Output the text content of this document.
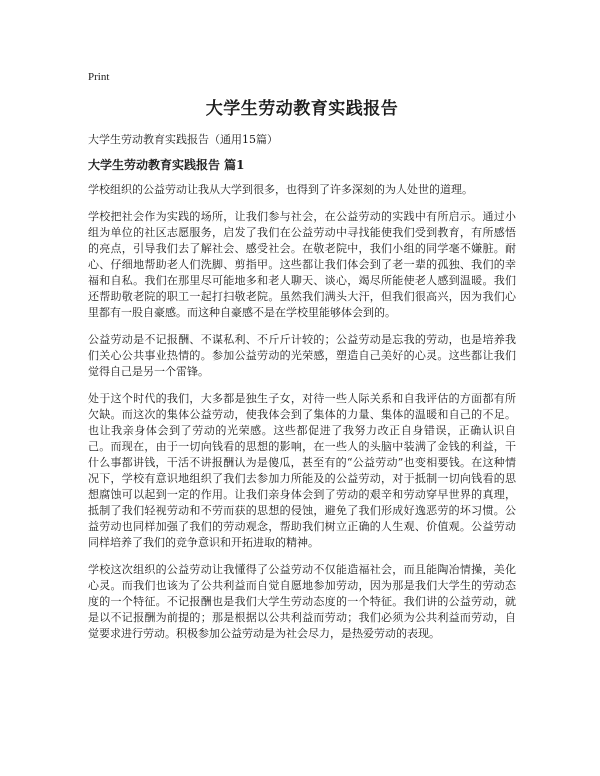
Print
大学生劳动教育实践报告

大学生劳动教育实践报告（通用15篇）

大学生劳动教育实践报告 篇1

学校组织的公益劳动让我从大学到很多，也得到了许多深刻的为人处世的道理。

学校把社会作为实践的场所，让我们参与社会，在公益劳动的实践中有所启示。通过小组为单位的社区志愿服务，启发了我们在公益劳动中寻找能使我们受到教育，有所感悟的亮点，引导我们去了解社会、感受社会。在敬老院中，我们小组的同学毫不嫌脏。耐心、仔细地帮助老人们洗脚、剪指甲。这些都让我们体会到了老一辈的孤独、我们的幸福和自私。我们在那里尽可能地多和老人聊天、谈心，竭尽所能使老人感到温暖。我们还帮助敬老院的职工一起打扫敬老院。虽然我们满头大汗，但我们很高兴，因为我们心里都有一股自豪感。而这种自豪感不是在学校里能够体会到的。

公益劳动是不记报酬、不谋私利、不斤斤计较的；公益劳动是忘我的劳动，也是培养我们关心公共事业热情的。参加公益劳动的光荣感，塑造自己美好的心灵。这些都让我们觉得自己是另一个雷锋。

处于这个时代的我们，大多都是独生子女，对待一些人际关系和自我评估的方面都有所欠缺。而这次的集体公益劳动，使我体会到了集体的力量、集体的温暖和自己的不足。也让我亲身体会到了劳动的光荣感。这些都促进了我努力改正自身错误，正确认识自己。而现在，由于一切向钱看的思想的影响，在一些人的头脑中装满了金钱的利益，干什么事都讲钱，干活不讲报酬认为是傻瓜，甚至有的“公益劳动”也变相要钱。在这种情况下，学校有意识地组织了我们去参加力所能及的公益劳动，对于抵制一切向钱看的思想腐蚀可以起到一定的作用。让我们亲身体会到了劳动的艰辛和劳动穿早世界的真理，抵制了我们轻视劳动和不劳而获的思想的侵蚀，避免了我们形成好逸恶劳的坏习惯。公益劳动也同样加强了我们的劳动观念，帮助我们树立正确的人生观、价值观。公益劳动同样培养了我们的竞争意识和开拓进取的精神。

学校这次组织的公益劳动让我懂得了公益劳动不仅能造福社会，而且能陶冶情操，美化心灵。而我们也该为了公共利益而自觉自愿地参加劳动，因为那是我们大学生的劳动态度的一个特征。不记报酬也是我们大学生劳动态度的一个特征。我们讲的公益劳动，就是以不记报酬为前提的；那是根据以公共利益而劳动；我们必须为公共利益而劳动，自觉要求进行劳动。积极参加公益劳动是为社会尽力，是热爱劳动的表现。
